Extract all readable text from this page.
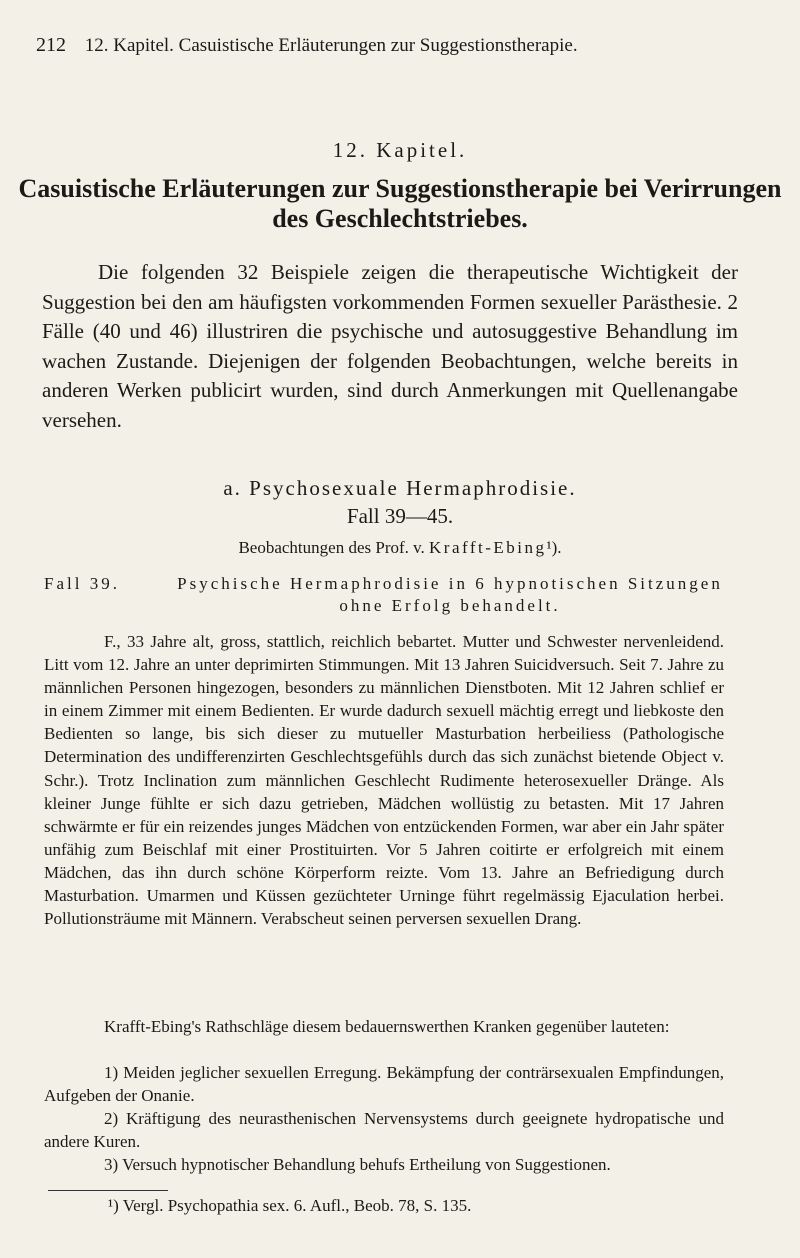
212 12. Kapitel. Casuistische Erläuterungen zur Suggestionstherapie.
12. Kapitel.
Casuistische Erläuterungen zur Suggestionstherapie bei Verirrungen des Geschlechtstriebes.

Die folgenden 32 Beispiele zeigen die therapeutische Wichtigkeit der Suggestion bei den am häufigsten vorkommenden Formen sexueller Parästhesie. 2 Fälle (40 und 46) illustriren die psychische und autosuggestive Behandlung im wachen Zustande. Diejenigen der folgenden Beobachtungen, welche bereits in anderen Werken publicirt wurden, sind durch Anmerkungen mit Quellenangabe versehen.

a. Psychosexuale Hermaphrodisie.
Fall 39—45.
Beobachtungen des Prof. v. Krafft-Ebing¹).
Fall 39.	Psychische Hermaphrodisie in 6 hypnotischen Sitzungen ohne Erfolg behandelt.

F., 33 Jahre alt, gross, stattlich, reichlich bebartet. Mutter und Schwester nervenleidend. Litt vom 12. Jahre an unter deprimirten Stimmungen. Mit 13 Jahren Suicidversuch. Seit 7. Jahre zu männlichen Personen hingezogen, besonders zu männlichen Dienstboten. Mit 12 Jahren schlief er in einem Zimmer mit einem Bedienten. Er wurde dadurch sexuell mächtig erregt und liebkoste den Bedienten so lange, bis sich dieser zu mutueller Masturbation herbeiliess (Pathologische Determination des undifferenzirten Geschlechtsgefühls durch das sich zunächst bietende Object v. Schr.). Trotz Inclination zum männlichen Geschlecht Rudimente heterosexueller Dränge. Als kleiner Junge fühlte er sich dazu getrieben, Mädchen wollüstig zu betasten. Mit 17 Jahren schwärmte er für ein reizendes junges Mädchen von entzückenden Formen, war aber ein Jahr später unfähig zum Beischlaf mit einer Prostituirten. Vor 5 Jahren coitirte er erfolgreich mit einem Mädchen, das ihn durch schöne Körperform reizte. Vom 13. Jahre an Befriedigung durch Masturbation. Umarmen und Küssen gezüchteter Urninge führt regelmässig Ejaculation herbei. Pollutionsträume mit Männern. Verabscheut seinen perversen sexuellen Drang.

Krafft-Ebing's Rathschläge diesem bedauernswerthen Kranken gegenüber lauteten:

1) Meiden jeglicher sexuellen Erregung. Bekämpfung der conträrsexualen Empfindungen, Aufgeben der Onanie.

2) Kräftigung des neurasthenischen Nervensystems durch geeignete hydropatische und andere Kuren.

3) Versuch hypnotischer Behandlung behufs Ertheilung von Suggestionen.

¹) Vergl. Psychopathia sex. 6. Aufl., Beob. 78, S. 135.
